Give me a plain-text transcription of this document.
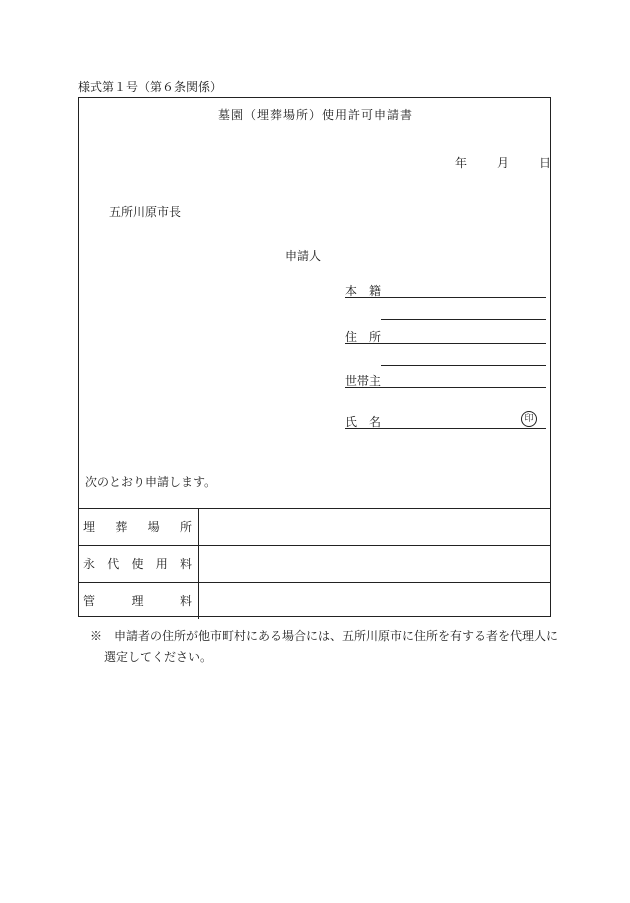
様式第１号（第６条関係）
墓園（埋葬場所）使用許可申請書
年	月	日
五所川原市長
申請人
本　籍
住　所
世帯主
氏　名	印
次のとおり申請します。
埋 葬 場 所
永 代 使 用 料
管	理	料
※　申請者の住所が他市町村にある場合には、五所川原市に住所を有する者を代理人に
選定してください。
